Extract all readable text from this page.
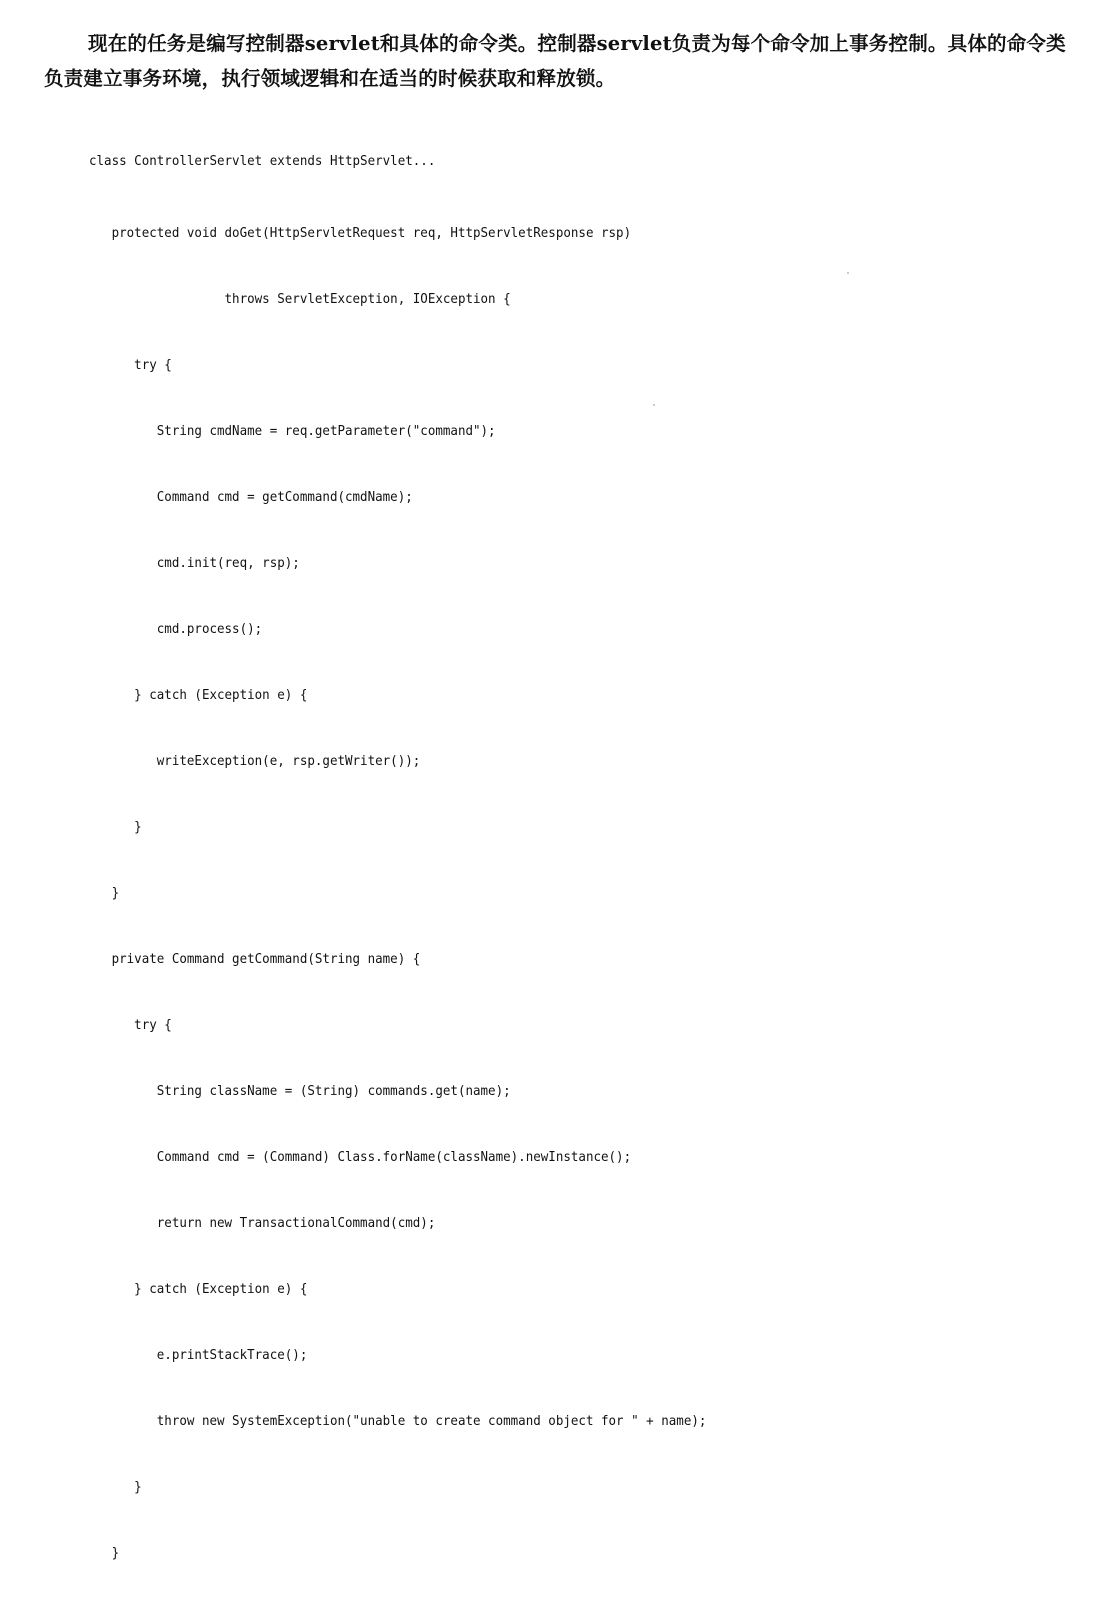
现在的任务是编写控制器servlet和具体的命令类。控制器servlet负责为每个命令加上事务控制。具体的命令类负责建立事务环境，执行领域逻辑和在适当的时候获取和释放锁。

class ControllerServlet extends HttpServlet...

protected void doGet(HttpServletRequest req, HttpServletResponse rsp)

throws ServletException, IOException {

try {

String cmdName = req.getParameter("command");

Command cmd = getCommand(cmdName);

cmd.init(req, rsp);

cmd.process();

} catch (Exception e) {

writeException(e, rsp.getWriter());

}

}

private Command getCommand(String name) {

try {

String className = (String) commands.get(name);

Command cmd = (Command) Class.forName(className).newInstance();

return new TransactionalCommand(cmd);

} catch (Exception e) {

e.printStackTrace();

throw new SystemException("unable to create command object for " + name);

}

}
